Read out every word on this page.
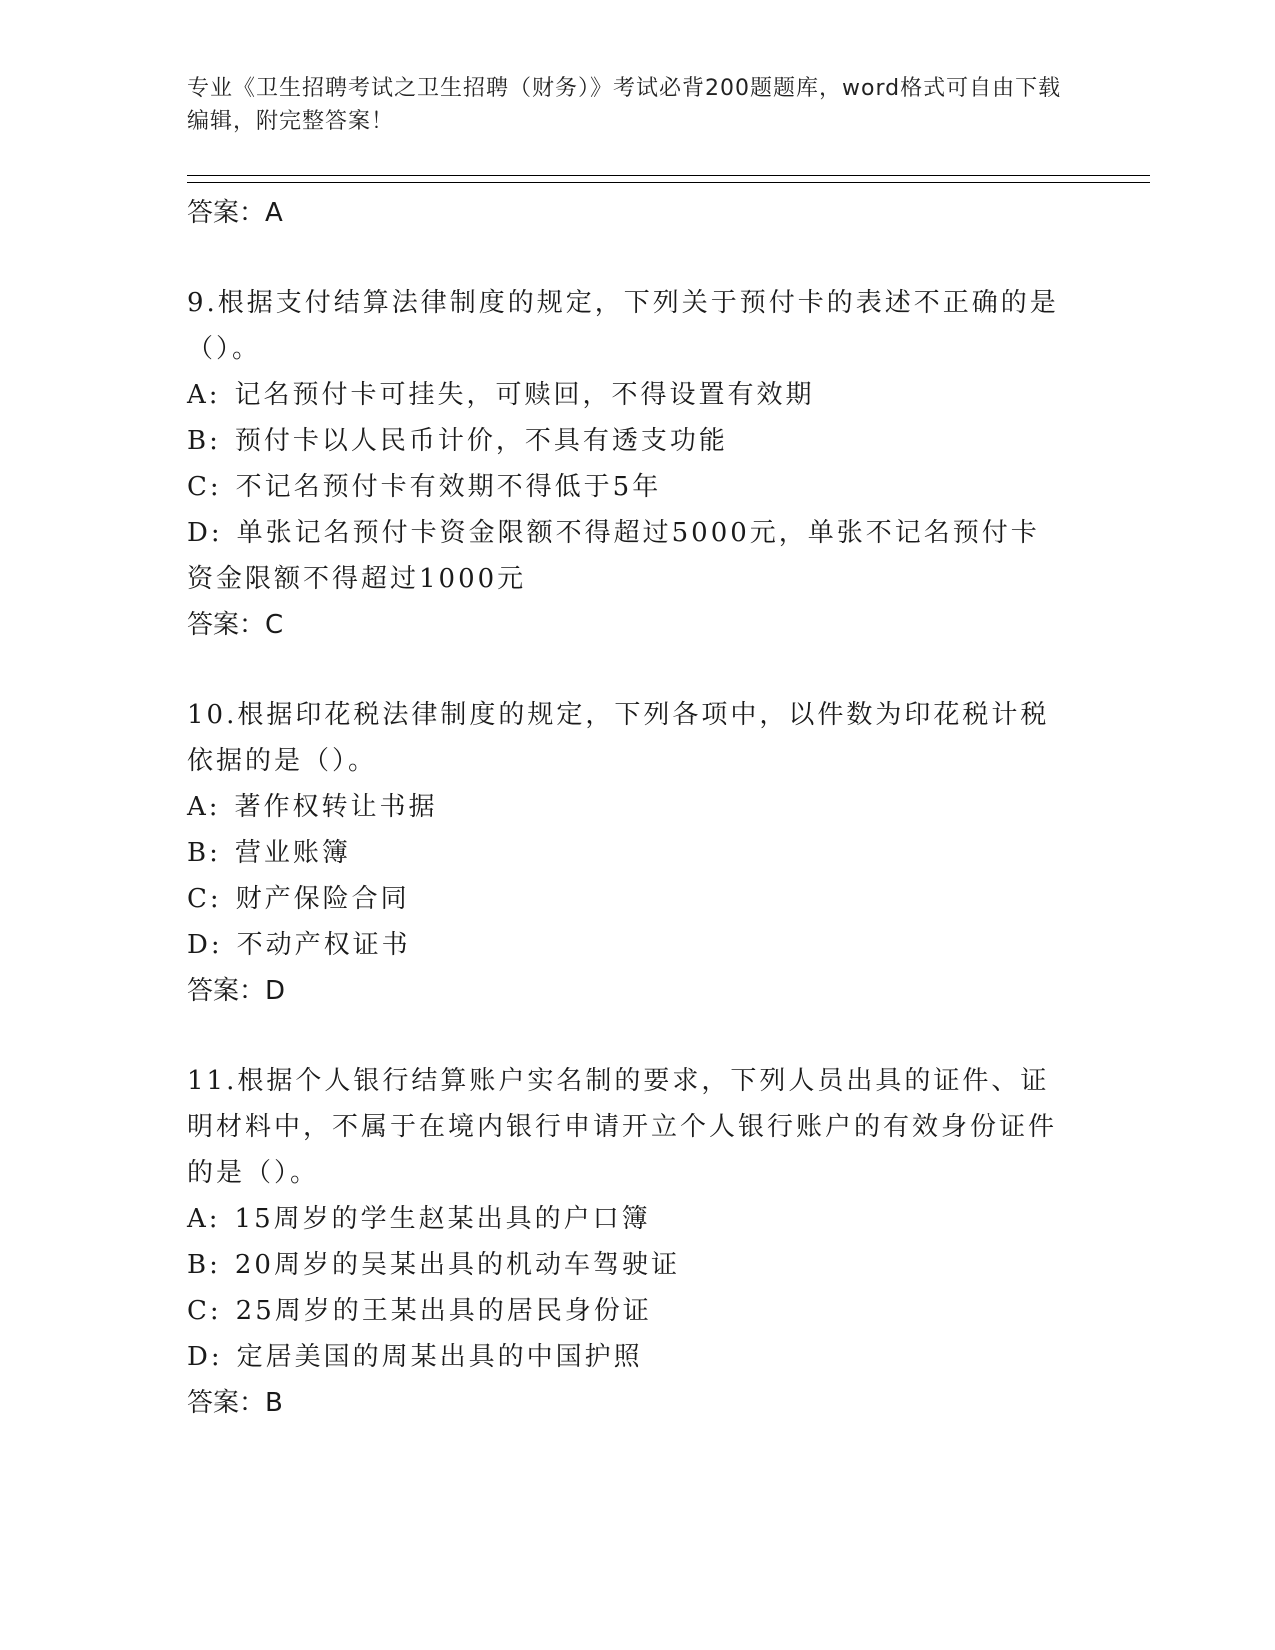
专业《卫生招聘考试之卫生招聘（财务）》考试必背200题题库，word格式可自由下载编辑，附完整答案！
答案：A
9.根据支付结算法律制度的规定，下列关于预付卡的表述不正确的是（）。
A: 记名预付卡可挂失，可赎回，不得设置有效期
B: 预付卡以人民币计价，不具有透支功能
C: 不记名预付卡有效期不得低于5年
D: 单张记名预付卡资金限额不得超过5000元，单张不记名预付卡资金限额不得超过1000元
答案：C
10.根据印花税法律制度的规定，下列各项中，以件数为印花税计税依据的是（）。
A: 著作权转让书据
B: 营业账簿
C: 财产保险合同
D: 不动产权证书
答案：D
11.根据个人银行结算账户实名制的要求，下列人员出具的证件、证明材料中，不属于在境内银行申请开立个人银行账户的有效身份证件的是（）。
A: 15周岁的学生赵某出具的户口簿
B: 20周岁的吴某出具的机动车驾驶证
C: 25周岁的王某出具的居民身份证
D: 定居美国的周某出具的中国护照
答案：B
